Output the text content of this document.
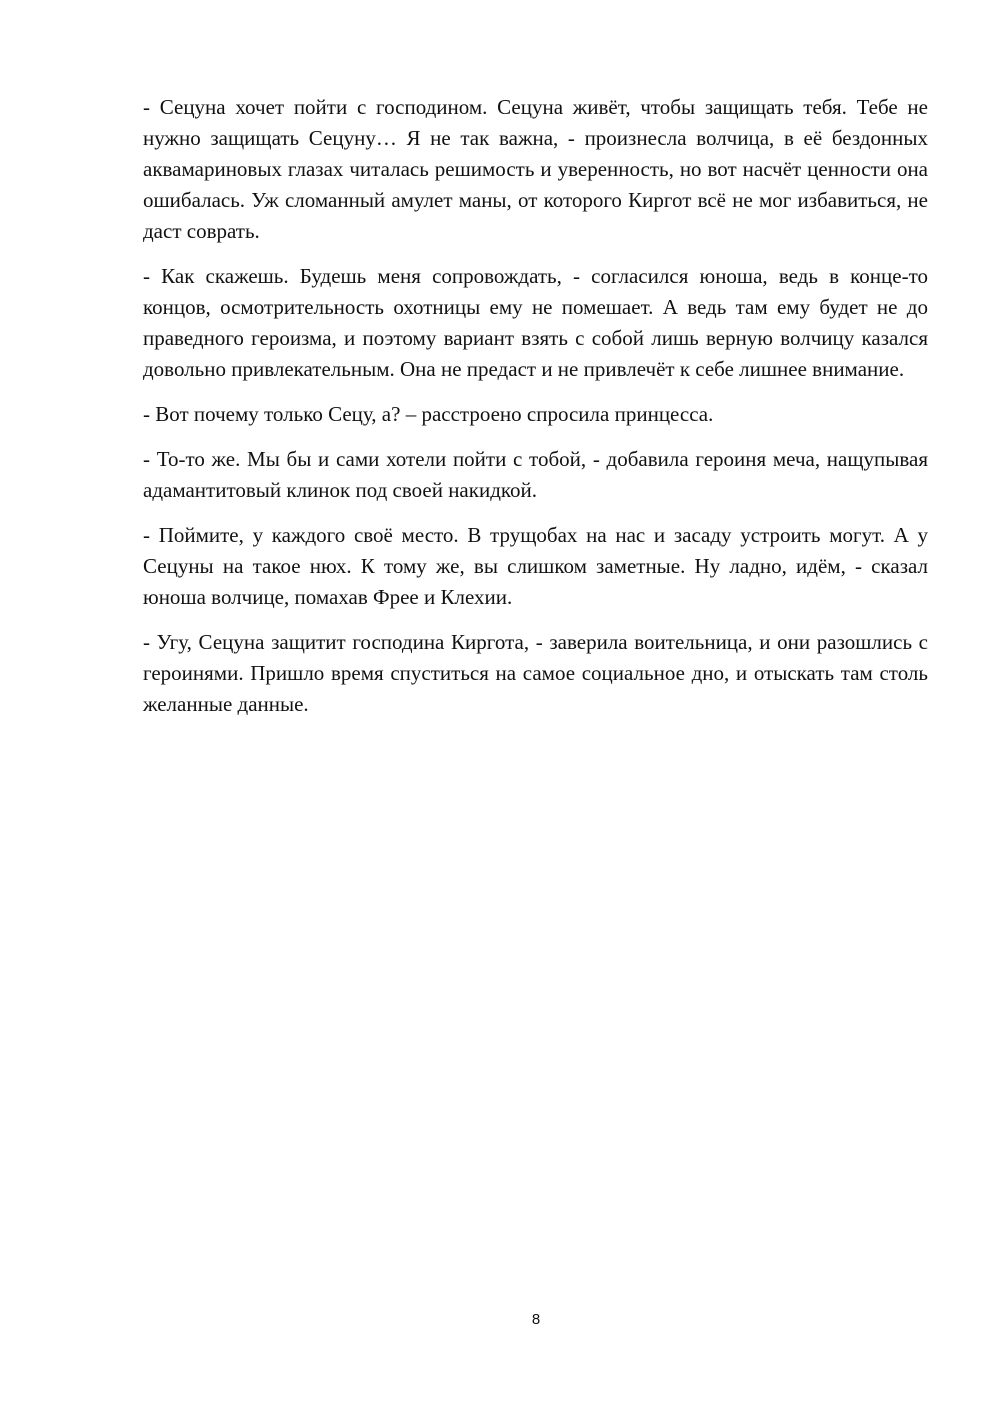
- Сецуна хочет пойти с господином. Сецуна живёт, чтобы защищать тебя. Тебе не нужно защищать Сецуну… Я не так важна, - произнесла волчица, в её бездонных аквамариновых глазах читалась решимость и уверенность, но вот насчёт ценности она ошибалась. Уж сломанный амулет маны, от которого Киргот всё не мог избавиться, не даст соврать.

- Как скажешь. Будешь меня сопровождать, - согласился юноша, ведь в конце-то концов, осмотрительность охотницы ему не помешает. А ведь там ему будет не до праведного героизма, и поэтому вариант взять с собой лишь верную волчицу казался довольно привлекательным. Она не предаст и не привлечёт к себе лишнее внимание.

- Вот почему только Сецу, а? – расстроено спросила принцесса.

- То-то же. Мы бы и сами хотели пойти с тобой, - добавила героиня меча, нащупывая адамантитовый клинок под своей накидкой.

- Поймите, у каждого своё место. В трущобах на нас и засаду устроить могут. А у Сецуны на такое нюх. К тому же, вы слишком заметные. Ну ладно, идём, - сказал юноша волчице, помахав Фрее и Клехии.

- Угу, Сецуна защитит господина Киргота, - заверила воительница, и они разошлись с героинями. Пришло время спуститься на самое социальное дно, и отыскать там столь желанные данные.

8
